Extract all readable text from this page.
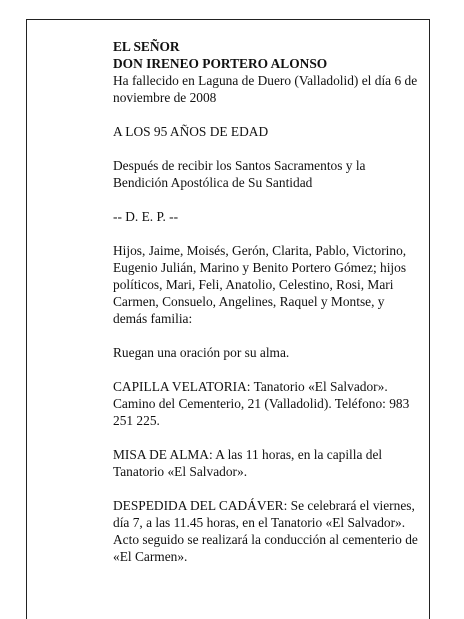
EL SEÑOR

DON IRENEO PORTERO ALONSO

Ha fallecido en Laguna de Duero (Valladolid) el día 6 de noviembre de 2008

A LOS 95 AÑOS DE EDAD

Después de recibir los Santos Sacramentos y la Bendición Apostólica de Su Santidad

-- D. E. P. --

Hijos, Jaime, Moisés, Gerón, Clarita, Pablo, Victorino, Eugenio Julián, Marino y Benito Portero Gómez; hijos políticos, Mari, Feli, Anatolio, Celestino, Rosi, Mari Carmen, Consuelo, Angelines, Raquel y Montse, y demás familia:

Ruegan una oración por su alma.

CAPILLA VELATORIA: Tanatorio «El Salvador». Camino del Cementerio, 21 (Valladolid). Teléfono: 983 251 225.

MISA DE ALMA: A las 11 horas, en la capilla del Tanatorio «El Salvador».

DESPEDIDA DEL CADÁVER: Se celebrará el viernes, día 7, a las 11.45 horas, en el Tanatorio «El Salvador». Acto seguido se realizará la conducción al cementerio de «El Carmen».
